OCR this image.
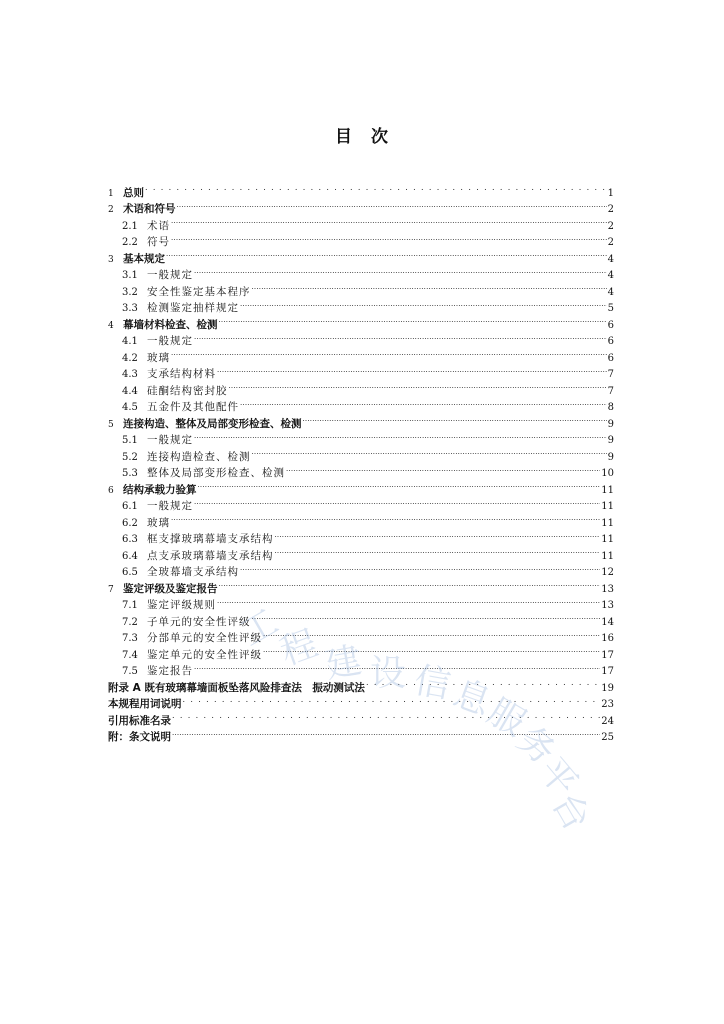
目　次
1 总则 . . .	1
2 术语和符号 .....	2
2.1 术语 .....	2
2.2 符号 .....	2
3 基本规定 .....	4
3.1 一般规定 .....	4
3.2 安全性鉴定基本程序 .....	4
3.3 检测鉴定抽样规定 .....	5
4 幕墙材料检查、检测 .....	6
4.1 一般规定 .....	6
4.2 玻璃 .....	6
4.3 支承结构材料 .....	7
4.4 硅酮结构密封胶 .....	7
4.5 五金件及其他配件 .....	8
5 连接构造、整体及局部变形检查、检测 .....	9
5.1 一般规定 .....	9
5.2 连接构造检查、检测 .....	9
5.3 整体及局部变形检查、检测 .....	10
6 结构承载力验算 .....	11
6.1 一般规定 .....	11
6.2 玻璃 .....	11
6.3 框支撑玻璃幕墙支承结构 .....	11
6.4 点支承玻璃幕墙支承结构 .....	11
6.5 全玻幕墙支承结构 .....	12
7 鉴定评级及鉴定报告 .....	13
7.1 鉴定评级规则 .....	13
7.2 子单元的安全性评级 .....	14
7.3 分部单元的安全性评级 .....	16
7.4 鉴定单元的安全性评级 .....	17
7.5 鉴定报告 .....	17
附录 A 既有玻璃幕墙面板坠落风险排查法　振动测试法 . . .	19
本规程用词说明 . . .	23
引用标准名录 . . .	24
附：条文说明 .....	25
工
程 建 设 信
息
服
务
平
台
